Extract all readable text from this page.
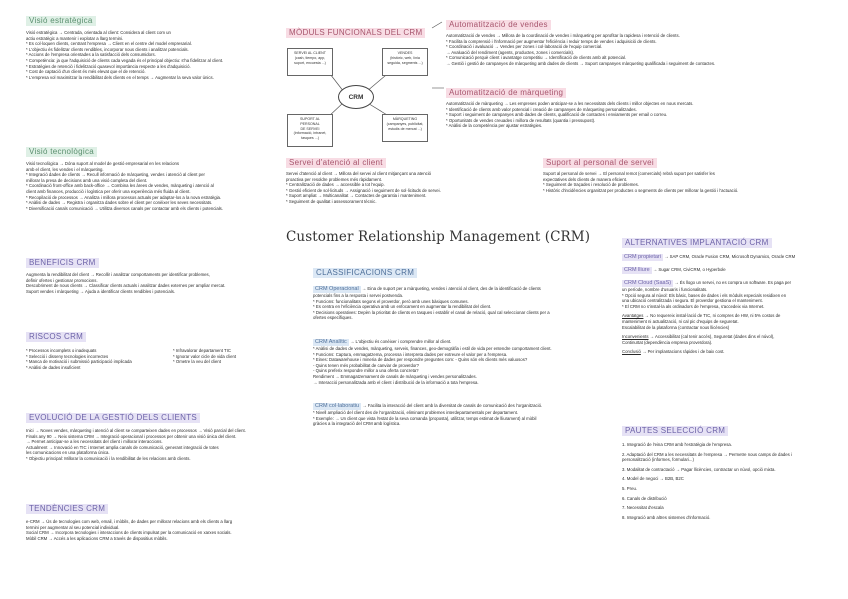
Visió estratègica
Visió estratègica → Centrada, orientada al client: Considera al client com un
actiu estratègic a mantenir i explotar a llarg termini.
* Es col·loquen clients, centrant l'empresa → Client en el centre del model empresarial.
* L'objectiu és fidelitzar clients rendibles, incorporar nous clients i analitzar potencials.
* Accions de l'empresa orientades a la satisfacció dels consumidors.
* Competència: ja que l'adquisició de clients cada vegada és el principal objectiu: s'ha fidelitzar al client.
* Estratègies de retenció i fidelització quasevol importància respecte a les d'adquisició.
* Cost de captació d'un client és més elevat que el de retenció.
* L'empresa vol maximitzar la rendibilitat dels clients en el temps → Augmentar la seva valor únics.
Visió tecnològica
Visió tecnològica → Dóna suport al model de gestió empresarial en les relacions
amb el client, les vendes i el màrqueting.
* Integració dades de clients → Recull informació de màrqueting, vendes i atenció al client per
millorar la presa de decisions amb una visió completa del client.
* Coordinació front-office amb back-office → Combina les àrees de vendes, màrqueting i atenció al
client amb finances, producció i logística per oferir una experiència més fluida al client.
* Recopilació de processos → Analitza i millora processos actuals per adaptar-los a la nova estratègia.
* Anàlisi de dades → Registra i organitza dades sobre el client per conèixer les seves necessitats.
* Diversificació canals comunicació → Utilitza diversos canals per contactar amb els clients i potencials.
MÒDULS FUNCIONALS DEL CRM
SERVEI AL CLIENT
(cash, tiempo, app,
suport, encuesta ...)
VENDES
(històric, web, línia
seguida, segments ...)
SUPORT AL PERSONAL
DE SERVEI
(informació, intranet,
tasques ...)
MÀRQUETING
(campanyes, publicitat,
estudis de mercat ...)
CRM
Automatització de vendes
Automatització de vendes → Millora de la coordinació de vendes i màrqueting per aprofitar la rapidesa i retenció de clients.
* Facilita la comprensió i l'informació per augmentar l'eficiència i reduir temps de vendes i adquisició de clients.
* Coordinació i avaluació → Vendes per zones i col·laboració de l'equip comercial.
→ Avaluació del rendiment (agents, productes, zones i comercials).
* Comunicació perquè client i avantatge competitiu → Identificació de clients amb alt potencial.
→ Gestió i gestió de campanyes de màrqueting amb dades de clients → Suport campanyes màrqueting qualificada i seguiment de contactes.
Automatització de màrqueting
Automatització de màrqueting → Les empreses poden anticipar-se a les necessitats dels clients i millor objectes en nous mercats.
* Identificació de clients amb valor potencial i creació de campanyes de màrqueting personalitzades.
* Suport i seguiment de campanyes amb dades de clients, qualificació de contactes i enviaments per email o correu.
* Oportunitats de vendes creuades i millora de resultats (quantia i pressupost).
* Anàlisi de la competència per ajustar estratègies.
Servei d'atenció al client
Servei d'atenció al client → Millora del servei al client mitjançant una atenció
proactiva per resoldre problemes més ràpidament.
* Centralització de dades → accessible a tot l'equip.
* Gestió eficient de sol·licituds → Assignació i seguiment de sol·licituds de servei.
* Suport ampliat → Multicanalitat → Contactes de garantia i manteniment.
* Seguiment de qualitat i assessorament tècnic.
Suport al personal de servei
Suport al personal de servei → El personal remot (comercials) rebrà suport per satisfer les
expectatives dels clients de manera eficient.
* Seguiment de traçades i resolució de problemes.
* Històric d'incidències organitzat per productes o segments de clients per millorar la gestió i l'actuació.
Customer Relationship Management (CRM)
BENEFICIS CRM
Augmenta la rendibilitat del client → Recollir i analitzar comportaments per identificar problemes,
definir ofertes i gestionar promocions.
Descobriment de nous clients → Classificar clients actuals i analitzar dades externes per ampliar mercat.
Suport vendes i màrqueting → Ajuda a identificar clients rendibles i potencials.
RISCOS CRM
* Processos incomplets o inadequats
* Selecció i disseny tecnologies incorrectes
* Manca de motivació i submissió participació implicada
* Anàlisi de dades insuficient
* Infravalorar departament TIC
* Ignorar valor cicle de vida client
* Ometre la veu del client
EVOLUCIÓ DE LA GESTIÓ DELS CLIENTS
Inici → Noves vendes, màrqueting i atenció al client se comparteixen dades en processos → Visió parcial del client.
Finals any 90 → Neix sistema CRM → Integració operacional i processos per obtenir una visió única del client.
→ Permet anticipar-se a les necessitats del client i millorar interaccions.
Actualment → Innovació en TIC i Internet amplia canals de comunicació, generant integració de totes
les comunicacions en una plataforma única.
* Objectiu principal: Millorar la comunicació i la rendibilitat de les relacions amb clients.
TENDÈNCIES CRM
e-CRM → Ús de tecnologies com web, email, i mòbils, de dades per millorar relacions amb els clients a llarg
termini per augmentar al seu potencial individual.
Social CRM → Incorpora tecnologies i interaccions de clients impulsat per la comunicació en xarxes socials.
Mòbil CRM → Accés a les aplicacions CRM a través de dispositius mòbils.
CLASSIFICACIONS CRM
CRM Operacional → Eina de suport per a màrqueting, vendes i atenció al client, des de la identificació de clients
potencials fins a la resposta i servei postvenda.
* Funcions: funcionalitats segons el proveïdor, però amb unes bàsiques comunes.
* Es centra en l'eficiència operativa amb un enfocament en augmentar la rendibilitat del client.
* Decisions operatives: Depèn la prioritat de clients en tasques i establir el canal de relació, qual cal seleccionar clients per a
ofertes específiques.
CRM Analític → L'objectiu és conèixer i comprendre millor al client.
* Anàlisi de dades de vendes, màrqueting, serveis, finances, geo-demogràfia i estil de vida per entendre comportament client.
* Funcions: Captura, emmagatzema, processa i interpreta dades per extreure el valor per a l'empresa.
* Eines: Datawarehouse i mineria de dades per respondre preguntes com: - Quins són els clients més valuosos?
- Quins tenen més probabilitat de canviar de proveïdor?
- Quins preferix respondre millor a una oferta concreta?
Rendiment → Emmagatzemament de canals de màrqueting i vendes personalitzades.
→ Interacció personalitzada amb el client i distribució de la informació a tota l'empresa.
CRM col·laboratiu → Facilita la interacció del client amb la diversitat de canals de comunicació des l'organització.
* Nivell ampliació del client des de l'organització, eliminant problemes interdepartamentals per departament.
* Exemple: → Un client que vista l'estat de la seva comanda (proposta), utilitzar, temps estimat de lliurament) al mòbil
gràcies a la integració del CRM amb logística.
ALTERNATIVES IMPLANTACIÓ CRM
CRM propietari → SAP CRM, Oracle Fusion CRM, Microsoft Dynamics, Oracle CRM
CRM lliure → Sugar CRM, CiviCRM, o Hyperbole
CRM Cloud (SaaS) → És llogo un servei, no es compra un software. Es paga per
un període, nombre d'usuaris i funcionalitats.
* Opció segura al núvol: Els bàsic, bases de dades i els mòduls especials residixen en
una ubicació centralitzada i segura. El proveïdor gestiona el manteniment.
* El CRM no s'instal·la als ordinadors de l'empresa, s'accedeix via Internet.
Avantatges → No requereix instal·lació de TIC, ni compres de HW, ni 5% costos de
manteniment ni actualització, ni cal pic d'equips de seguretat.
Escalabilitat de la plataforma (contractar nous llicències)
Inconvenients → Accessibilitat (cal tenir accés), Seguretat (dades dins el núvol),
Continuïtat (dependència empresa proveïdora).
Conclusió → Per implantacions ràpides i de baix cost.
PAUTES SELECCIÓ CRM
1. Integració de l'eina CRM amb l'estratègia de l'empresa.
2. Adaptació del CRM a les necessitats de l'empresa → Permetre nous camps de dades i
personalització (informes, formulari...)
3. Modalitat de contractació → Pagar llicències, contractar un núvol, opció mixta.
4. Model de negoci → B2B, B2C
5. Preu.
6. Canals de distribució
7. Necessitat d'escala
8. Integració amb altres sistemes d'informació.
